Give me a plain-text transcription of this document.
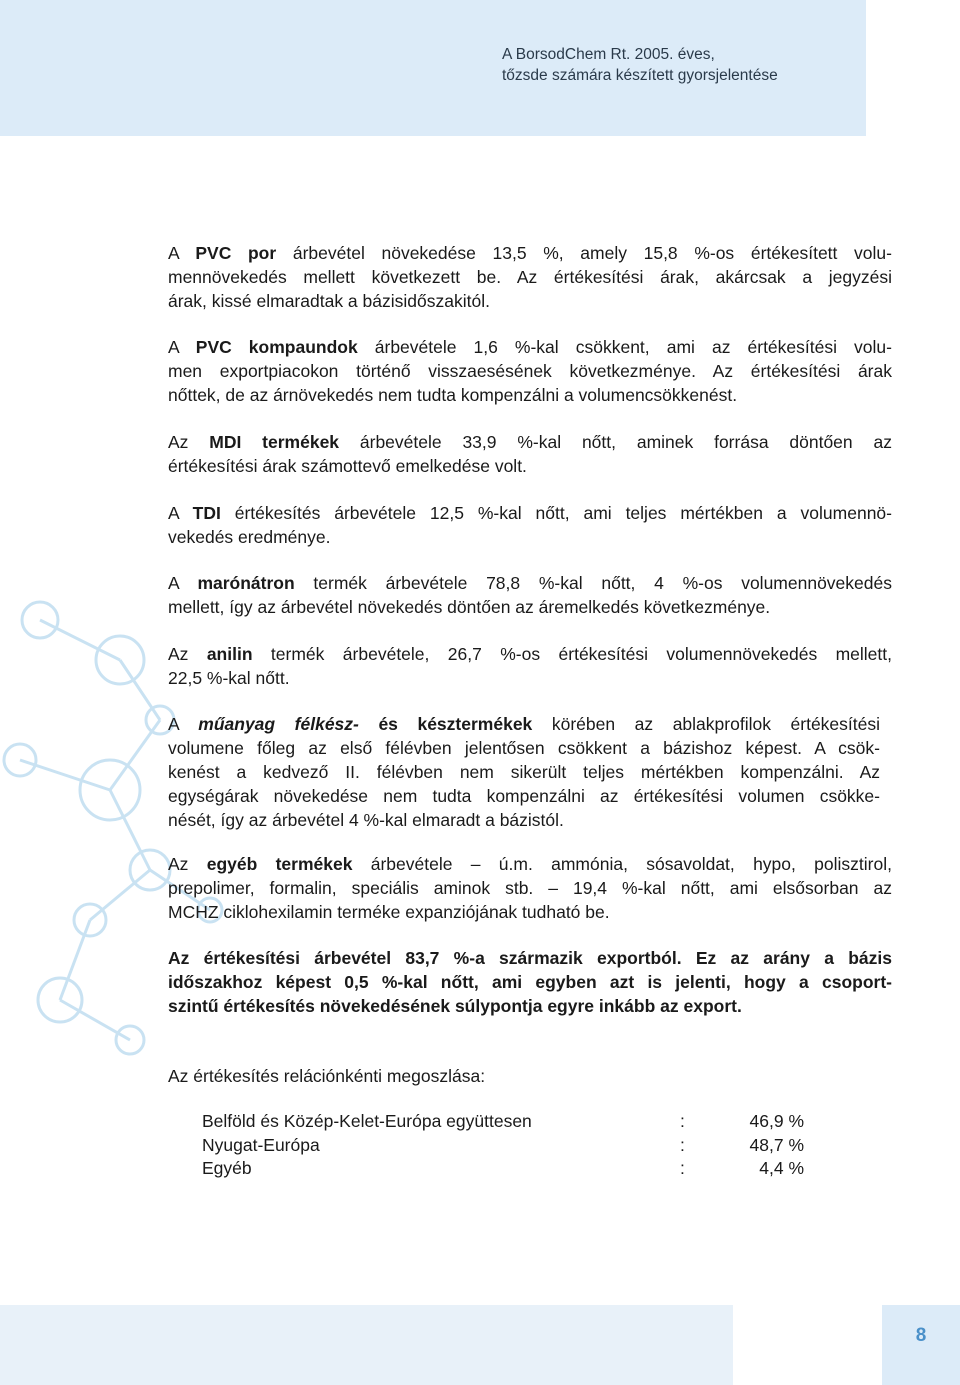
A BorsodChem Rt. 2005. éves,
tőzsde számára készített gyorsjelentése
A PVC por árbevétel növekedése 13,5 %, amely 15,8 %-os értékesített volu-
mennövekedés mellett következett be. Az értékesítési árak, akárcsak a jegyzési
árak, kissé elmaradtak a bázisidőszakitól.
A PVC kompaundok árbevétele 1,6 %-kal csökkent, ami az értékesítési volu-
men exportpiacokon történő visszaesésének következménye. Az értékesítési árak
nőttek, de az árnövekedés nem tudta kompenzálni a volumencsökkenést.
Az MDI termékek árbevétele 33,9 %-kal nőtt, aminek forrása döntően az
értékesítési árak számottevő emelkedése volt.
A TDI értékesítés árbevétele 12,5 %-kal nőtt, ami teljes mértékben a volumennö-
vekedés eredménye.
A marónátron termék árbevétele 78,8 %-kal nőtt, 4 %-os volumennövekedés
mellett, így az árbevétel növekedés döntően az áremelkedés következménye.
Az anilin termék árbevétele, 26,7 %-os értékesítési volumennövekedés mellett,
22,5 %-kal nőtt.
A műanyag félkész- és késztermékek körében az ablakprofilok értékesítési
volumene főleg az első félévben jelentősen csökkent a bázishoz képest. A csök-
kenést a kedvező II. félévben nem sikerült teljes mértékben kompenzálni. Az
egységárak növekedése nem tudta kompenzálni az értékesítési volumen csökke-
nését, így az árbevétel 4 %-kal elmaradt a bázistól.
Az egyéb termékek árbevétele – ú.m. ammónia, sósavoldat, hypo, polisztirol,
prepolimer, formalin, speciális aminok stb. – 19,4 %-kal nőtt, ami elsősorban az
MCHZ ciklohexilamin terméke expanziójának tudható be.
Az értékesítési árbevétel 83,7 %-a származik exportból. Ez az arány a bázis
időszakhoz képest 0,5 %-kal nőtt, ami egyben azt is jelenti, hogy a csoport-
szintű értékesítés növekedésének súlypontja egyre inkább az export.
Az értékesítés relációnkénti megoszlása:
Belföld és Közép-Kelet-Európa együttesen	:	46,9 %
Nyugat-Európa	:	48,7 %
Egyéb	:	4,4 %
8
